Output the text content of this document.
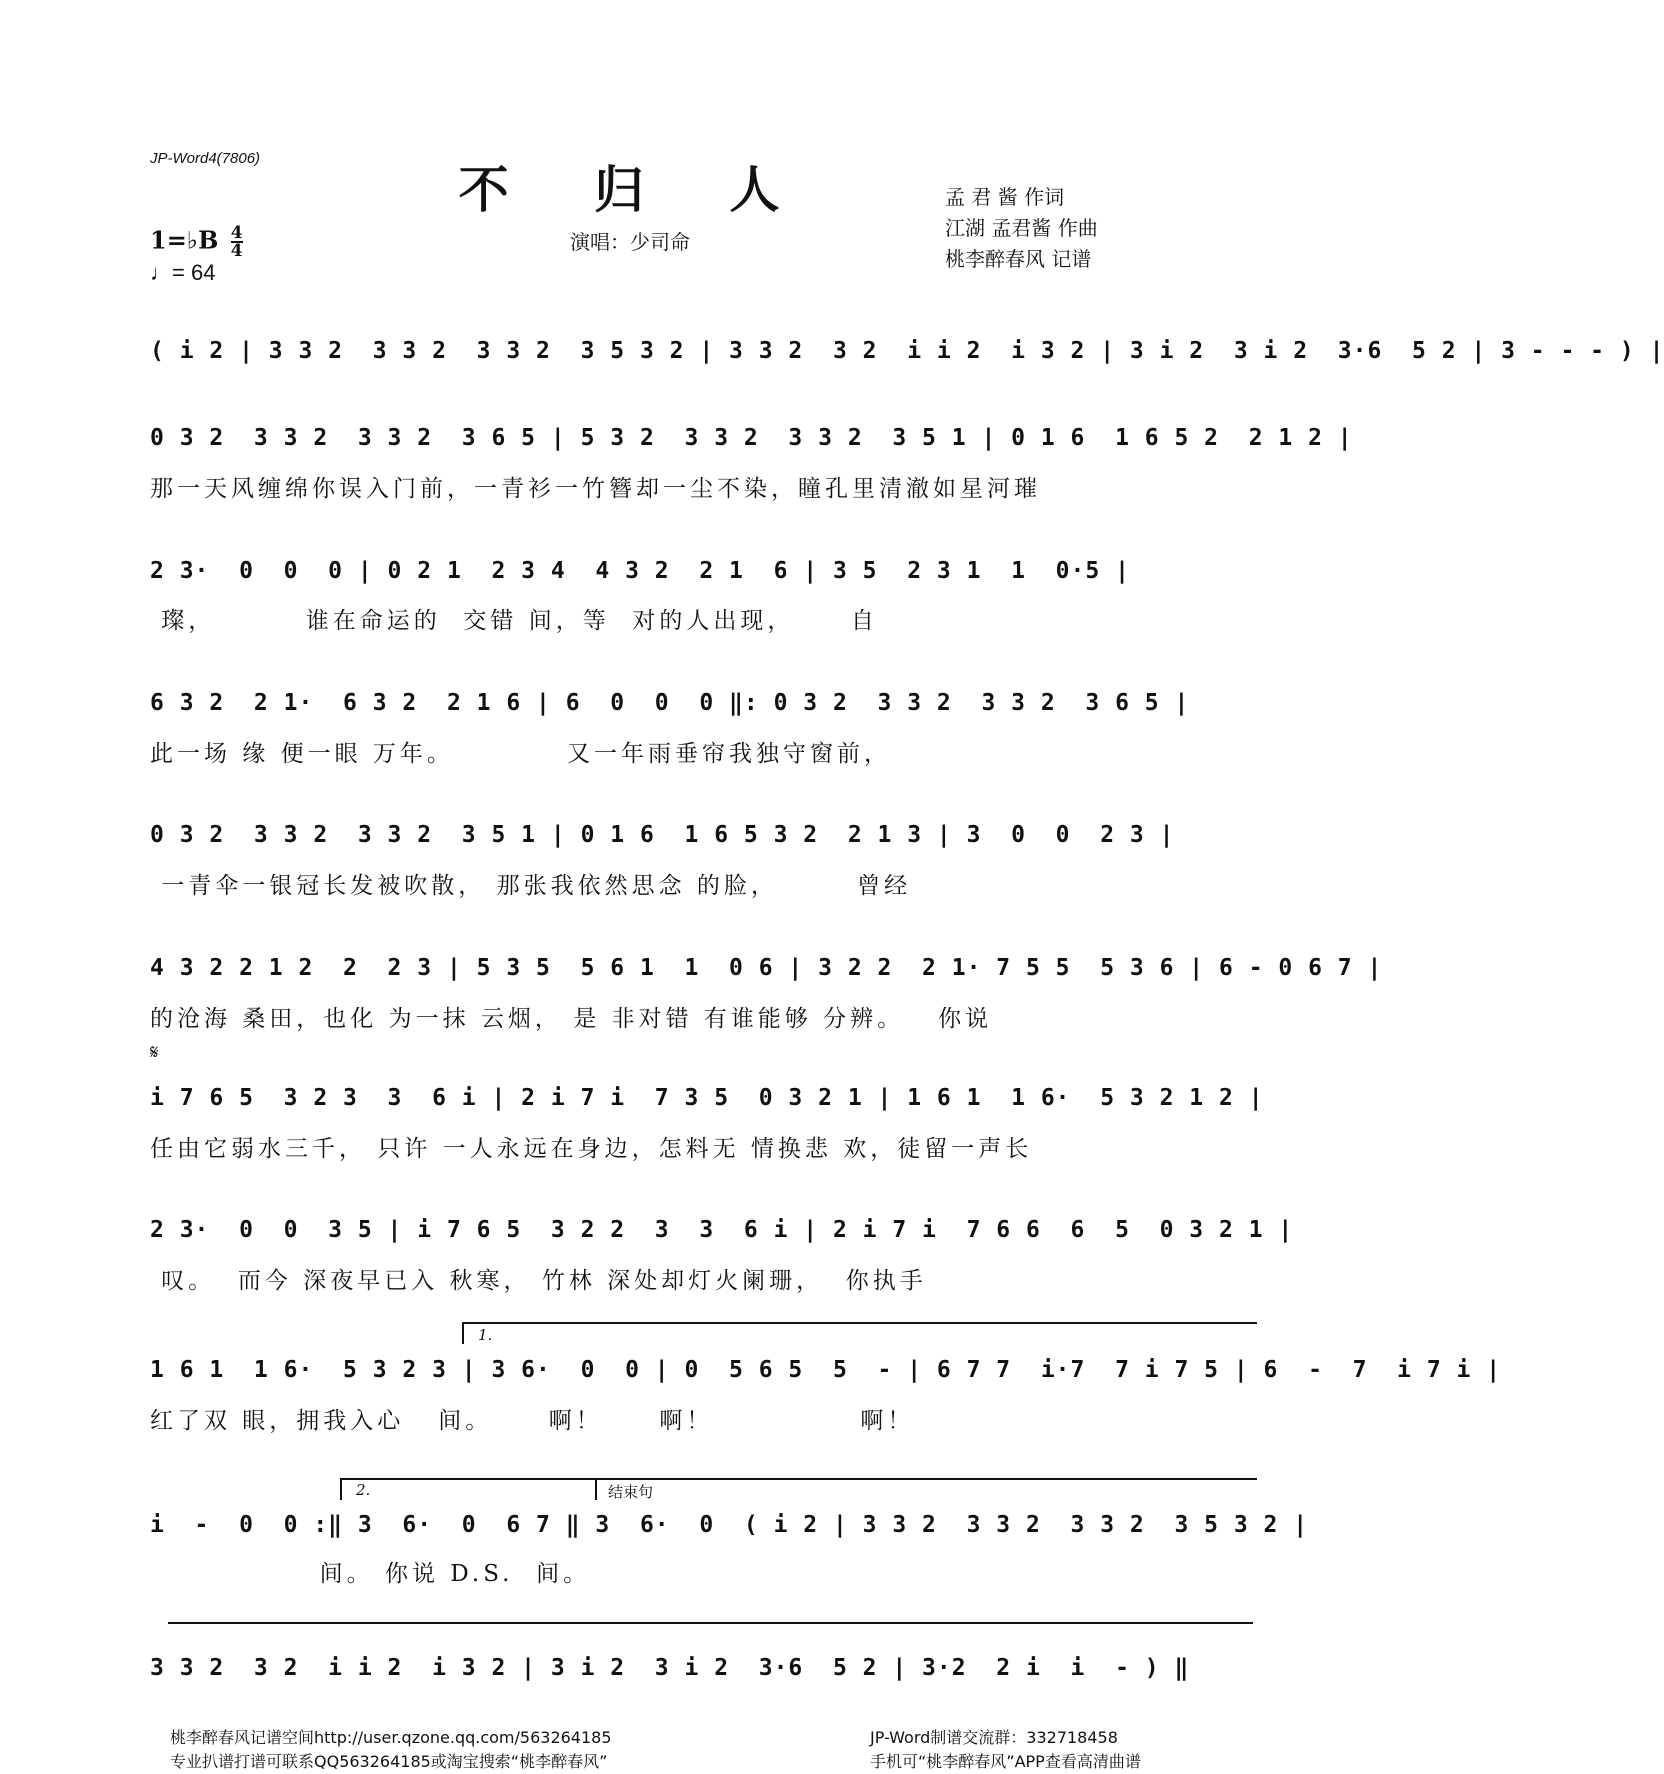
JP-Word4(7806)
不 归 人
演唱：少司命
孟 君 酱 作词
江湖 孟君酱 作曲
桃李醉春风 记谱
1=♭B $\frac{4}{4}$
♩= 64
( i 2 | 3 3 2  3 3 2  3 3 2  3 5 3 2 | 3 3 2  3 2  i i 2  i 3 2 | 3 i 2  3 i 2  3·6  5 2 | 3 - - - ) |
0 3 2  3 3 2  3 3 2  3 6 5 | 5 3 2  3 3 2  3 3 2  3 5 1 | 0 1 6  1 6 5 2  2 1 2 |
那一天风缠绵你误入门前，一青衫一竹簪却一尘不染，瞳孔里清澈如星河璀
2 3·  0  0  0 | 0 2 1  2 3 4  4 3 2  2 1  6 | 3 5  2 3 1  1  0·5 |
璨，        谁在命运的  交错 间，等  对的人出现，     自
6 3 2  2 1·  6 3 2  2 1 6 | 6  0  0  0 ‖: 0 3 2  3 3 2  3 3 2  3 6 5 |
此一场 缘 便一眼 万年。          又一年雨垂帘我独守窗前，
0 3 2  3 3 2  3 3 2  3 5 1 | 0 1 6  1 6 5 3 2  2 1 3 | 3  0  0  2 3 |
一青伞一银冠长发被吹散， 那张我依然思念 的脸，       曾经
4 3 2 2 1 2  2  2 3 | 5 3 5  5 6 1  1  0 6 | 3 2 2  2 1· 7 5 5  5 3 6 | 6 - 0 6 7 |
的沧海 桑田，也化 为一抹 云烟， 是 非对错 有谁能够 分辨。   你说
𝄋
i 7 6 5  3 2 3  3  6 i | 2 i 7 i  7 3 5  0 3 2 1 | 1 6 1  1 6·  5 3 2 1 2 |
任由它弱水三千， 只许 一人永远在身边，怎料无 情换悲 欢，徒留一声长
2 3·  0  0  3 5 | i 7 6 5  3 2 2  3  3  6 i | 2 i 7 i  7 6 6  6  5  0 3 2 1 |
叹。  而今 深夜早已入 秋寒， 竹林 深处却灯火阑珊，  你执手
1.
1 6 1  1 6·  5 3 2 3 | 3 6·  0  0 | 0  5 6 5  5  - | 6 7 7  i·7  7 i 7 5 | 6  -  7  i 7 i |
红了双 眼，拥我入心   间。     啊！     啊！             啊！
2.	结束句
i  -  0  0 :‖ 3  6·  0  6 7 ‖ 3  6·  0  ( i 2 | 3 3 2  3 3 2  3 3 2  3 5 3 2 |
间。 你说 D.S.  间。
3 3 2  3 2  i i 2  i 3 2 | 3 i 2  3 i 2  3·6  5 2 | 3·2  2 i  i  - ) ‖
桃李醉春风记谱空间http://user.qzone.qq.com/563264185
专业扒谱打谱可联系QQ563264185或淘宝搜索“桃李醉春风”
JP-Word制谱交流群：332718458
手机可“桃李醉春风”APP查看高清曲谱
